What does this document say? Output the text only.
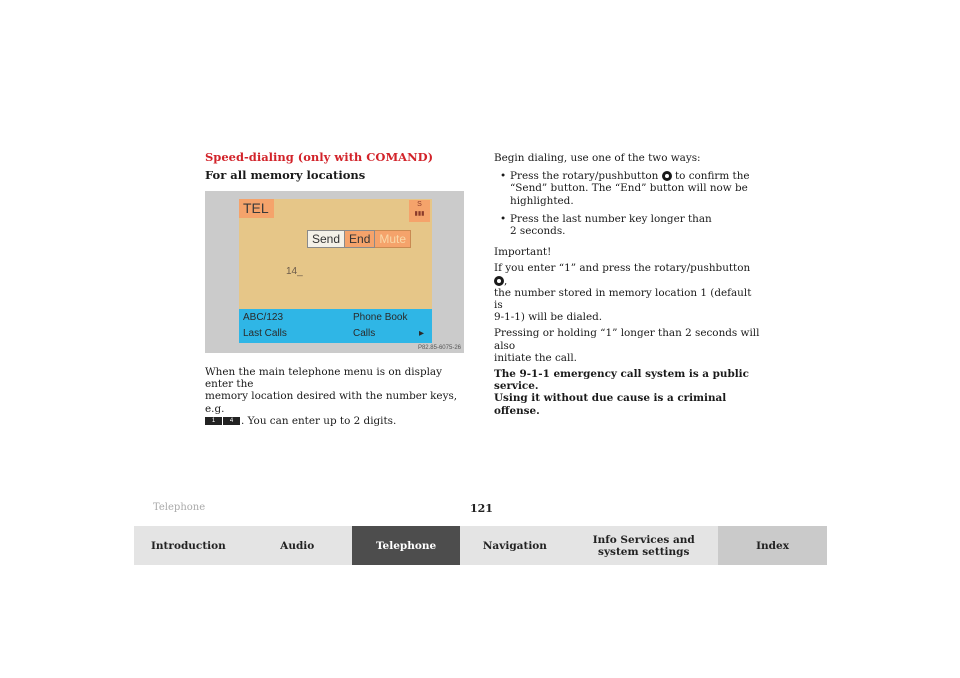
Speed-dialing (only with COMAND)
For all memory locations
TEL	S
▮▮▮
Send End Mute
14_
ABC/123	Phone Book
Last Calls	Calls	▸
P82.85-6075-26
When the main telephone menu is on display enter the
memory location desired with the number keys, e.g.
1 4 . You can enter up to 2 digits.

Begin dialing, use one of the two ways:

• Press the rotary/pushbutton to confirm the
“Send” button. The “End” button will now be
highlighted.
• Press the last number key longer than
2 seconds.

Important!

If you enter “1” and press the rotary/pushbutton ,
the number stored in memory location 1 (default is
9-1-1) will be dialed.

Pressing or holding “1” longer than 2 seconds will also
initiate the call.

The 9-1-1 emergency call system is a public service.
Using it without due cause is a criminal offense.

Telephone	121
Introduction	Audio	Telephone	Navigation	Info Services and system settings	Index
